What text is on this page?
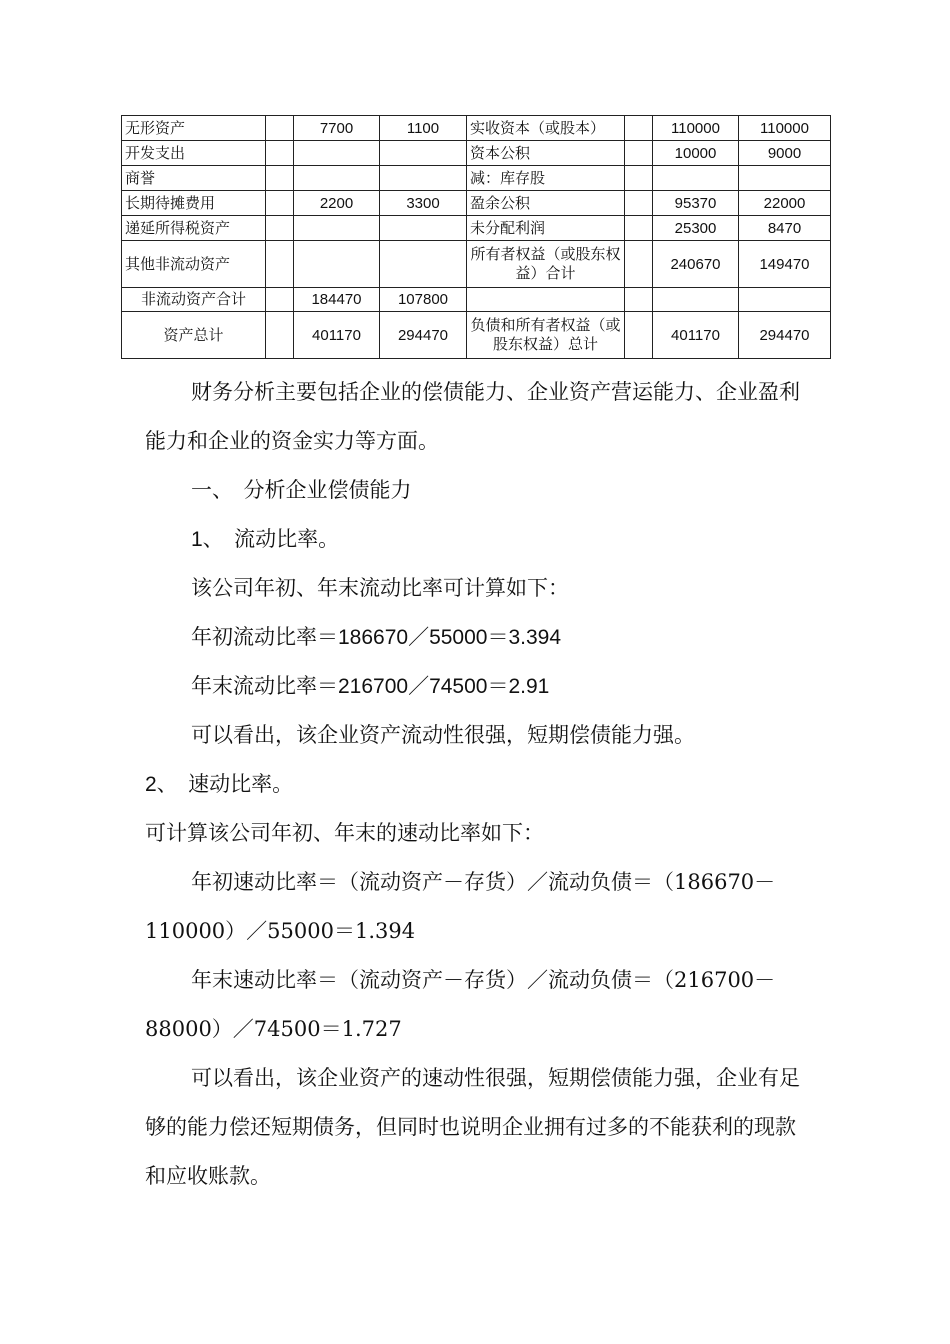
无形资产		7700	1100	实收资本（或股本）		110000	110000
开发支出				资本公积		10000	9000
商誉				减：库存股			
长期待摊费用		2200	3300	盈余公积		95370	22000
递延所得税资产				未分配利润		25300	8470
其他非流动资产				所有者权益（或股东权益）合计		240670	149470
非流动资产合计		184470	107800				
资产总计		401170	294470	负债和所有者权益（或股东权益）总计		401170	294470

财务分析主要包括企业的偿债能力、企业资产营运能力、企业盈利能力和企业的资金实力等方面。

一、　分析企业偿债能力

1、　流动比率。

该公司年初、年末流动比率可计算如下：

年初流动比率＝186670／55000＝3.394

年末流动比率＝216700／74500＝2.91

可以看出，该企业资产流动性很强，短期偿债能力强。

2、　速动比率。

可计算该公司年初、年末的速动比率如下：

年初速动比率＝（流动资产－存货）／流动负债＝（186670－110000）／55000＝1.394

年末速动比率＝（流动资产－存货）／流动负债＝（216700－88000）／74500＝1.727

可以看出，该企业资产的速动性很强，短期偿债能力强，企业有足够的能力偿还短期债务，但同时也说明企业拥有过多的不能获利的现款和应收账款。
